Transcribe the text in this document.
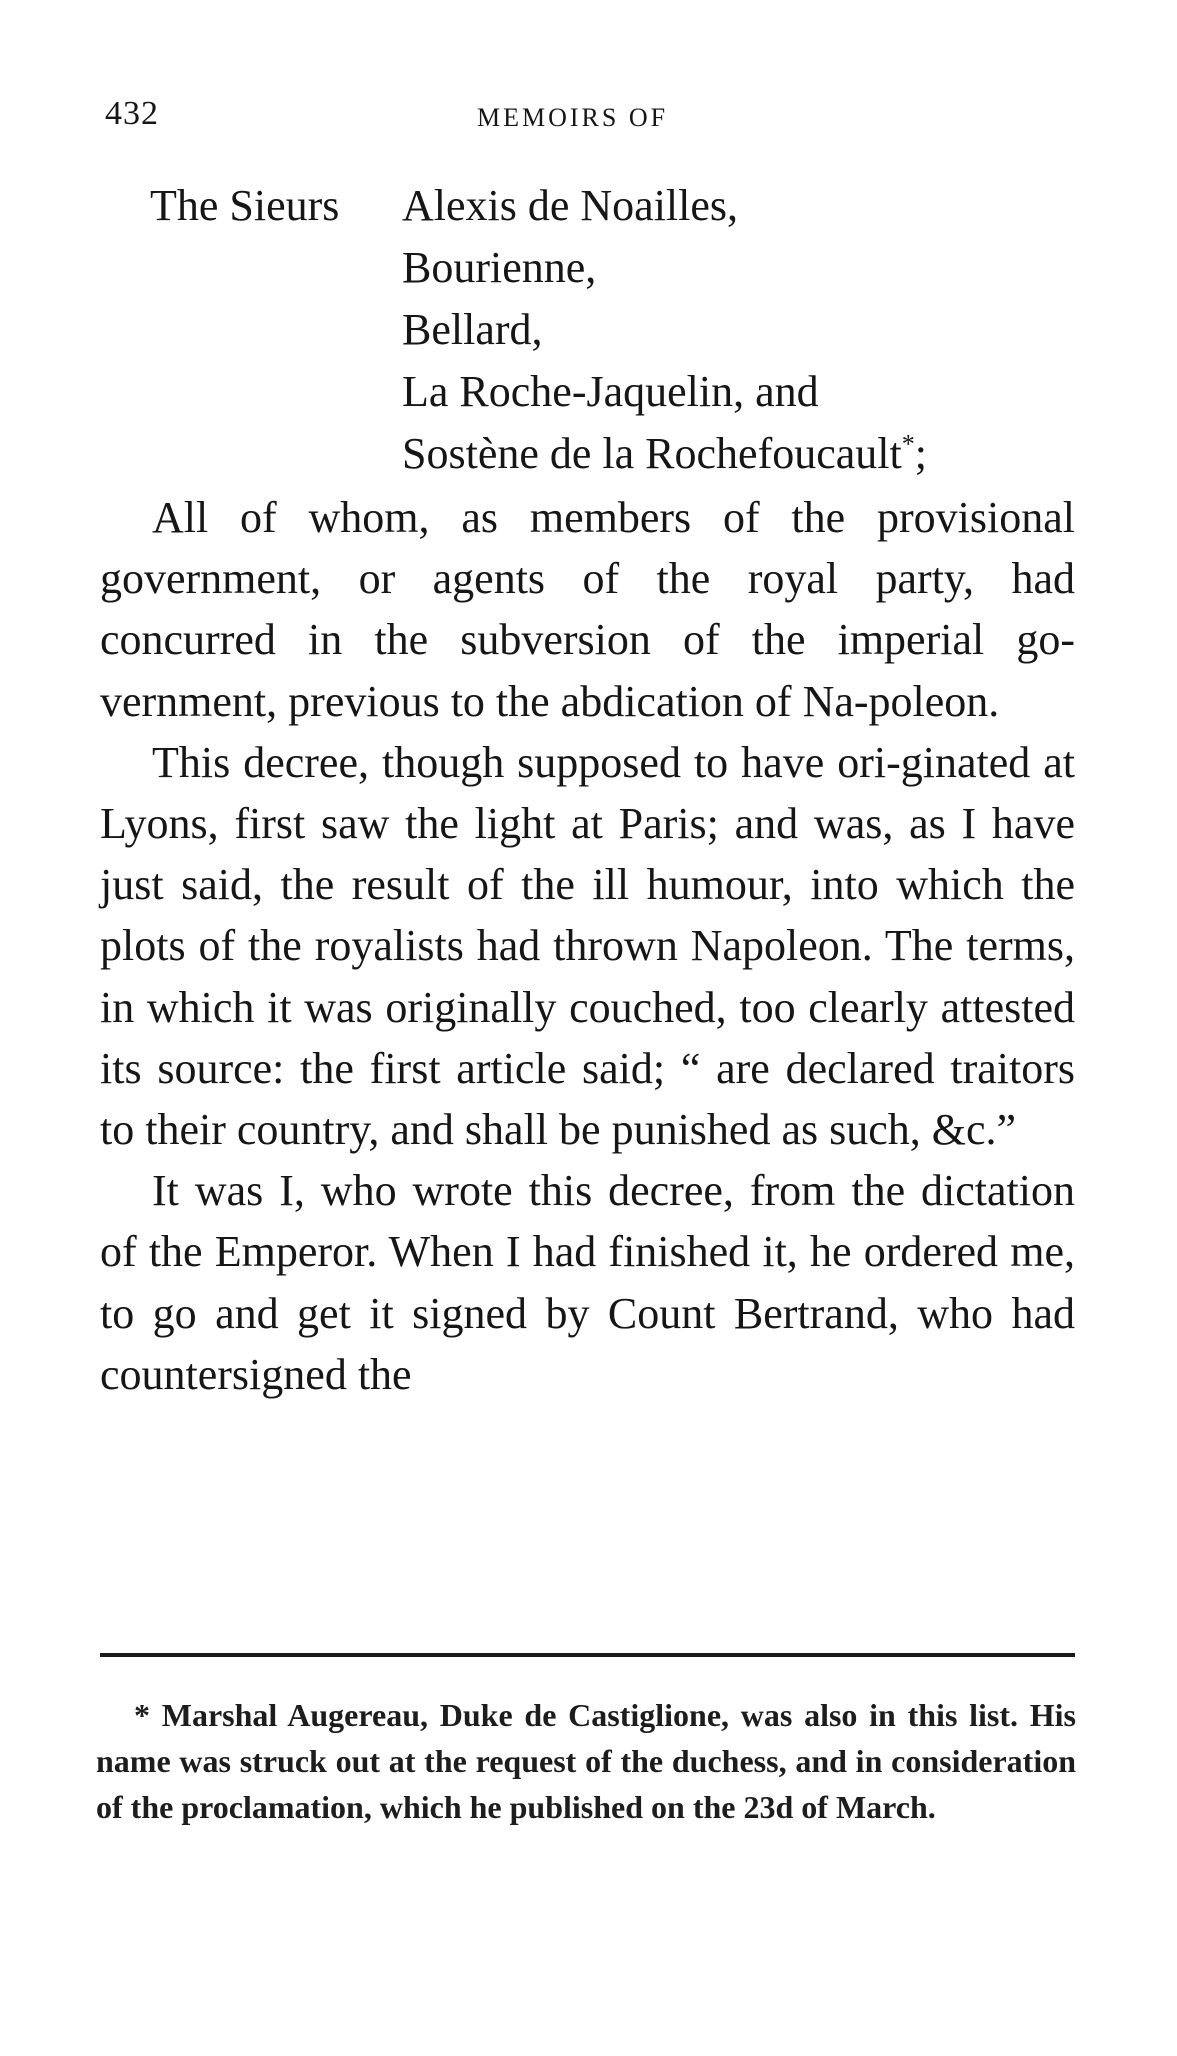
432	MEMOIRS OF
The Sieurs Alexis de Noailles,
Bourienne,
Bellard,
La Roche-Jaquelin, and
Sostène de la Rochefoucault*;

All of whom, as members of the provisional government, or agents of the royal party, had concurred in the subversion of the imperial go-vernment, previous to the abdication of Na-poleon.

This decree, though supposed to have ori-ginated at Lyons, first saw the light at Paris; and was, as I have just said, the result of the ill humour, into which the plots of the royalists had thrown Napoleon. The terms, in which it was originally couched, too clearly attested its source: the first article said; “ are declared traitors to their country, and shall be punished as such, &c.”

It was I, who wrote this decree, from the dictation of the Emperor. When I had finished it, he ordered me, to go and get it signed by Count Bertrand, who had countersigned the

* Marshal Augereau, Duke de Castiglione, was also in this list. His name was struck out at the request of the duchess, and in consideration of the proclamation, which he published on the 23d of March.
